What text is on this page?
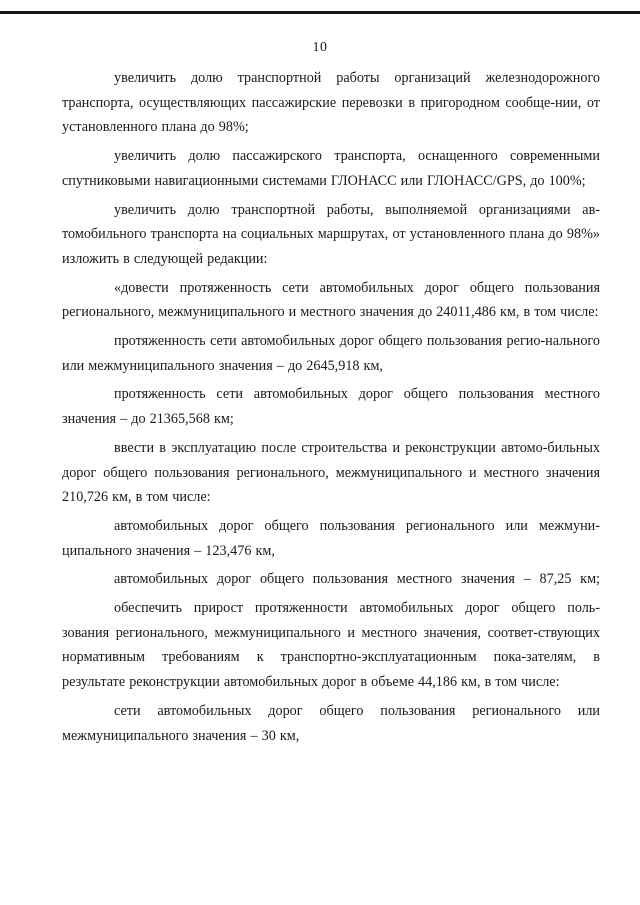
10

увеличить долю транспортной работы организаций железнодорожного транспорта, осуществляющих пассажирские перевозки в пригородном сообще-нии, от установленного плана до 98%;

увеличить долю пассажирского транспорта, оснащенного современными спутниковыми навигационными системами ГЛОНАСС или ГЛОНАСС/GPS, до 100%;

увеличить долю транспортной работы, выполняемой организациями ав-томобильного транспорта на социальных маршрутах, от установленного плана до 98%» изложить в следующей редакции:

«довести протяженность сети автомобильных дорог общего пользования регионального, межмуниципального и местного значения до 24011,486 км, в том числе:

протяженность сети автомобильных дорог общего пользования регио-нального или межмуниципального значения – до 2645,918 км,

протяженность сети автомобильных дорог общего пользования местного значения – до 21365,568 км;

ввести в эксплуатацию после строительства и реконструкции автомо-бильных дорог общего пользования регионального, межмуниципального и местного значения 210,726 км, в том числе:

автомобильных дорог общего пользования регионального или межмуни-ципального значения – 123,476 км,

автомобильных дорог общего пользования местного значения – 87,25 км;

обеспечить прирост протяженности автомобильных дорог общего поль-зования регионального, межмуниципального и местного значения, соответ-ствующих нормативным требованиям к транспортно-эксплуатационным пока-зателям, в результате реконструкции автомобильных дорог в объеме 44,186 км, в том числе:

сети автомобильных дорог общего пользования регионального или межмуниципального значения – 30 км,
